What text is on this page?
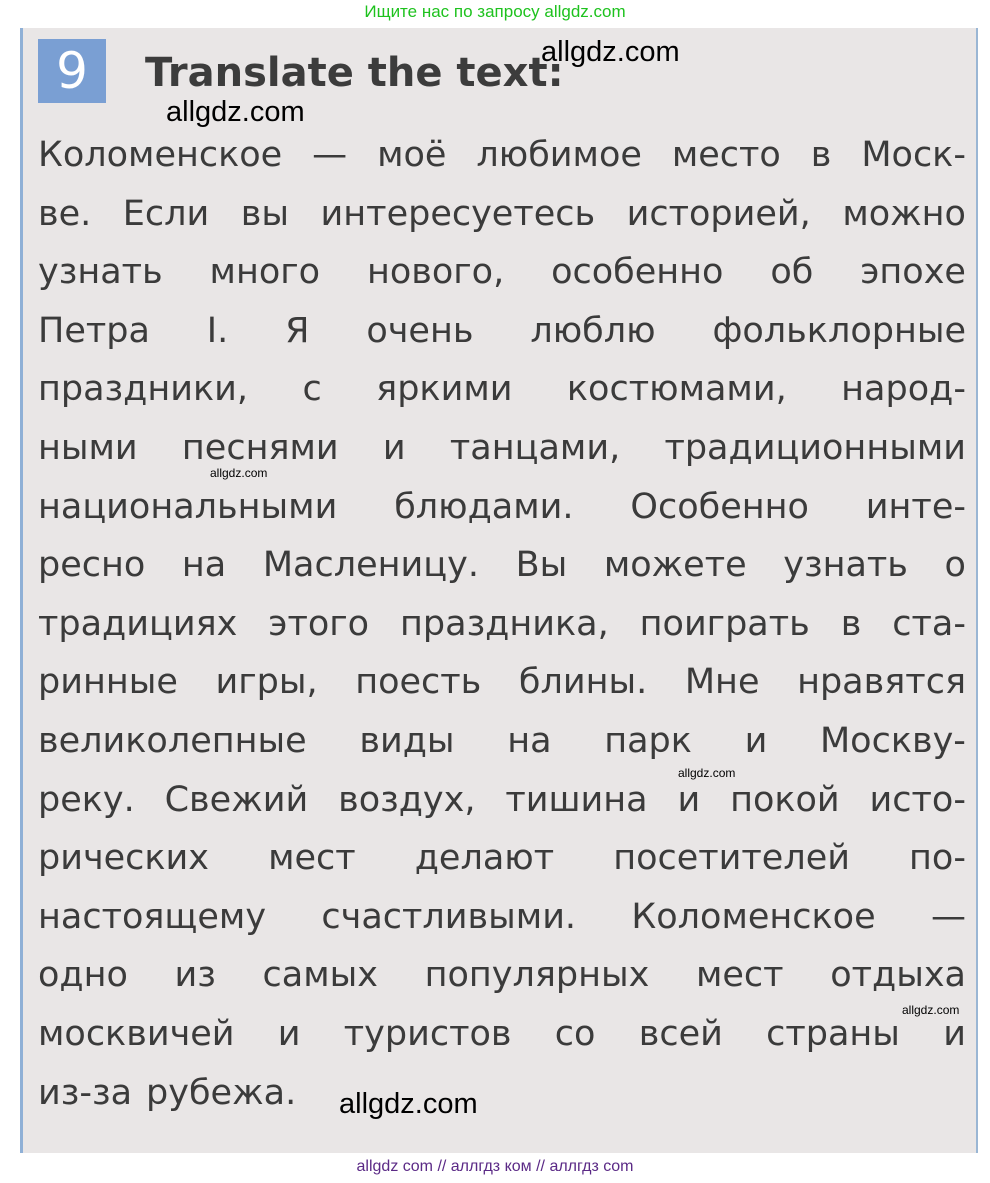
Ищите нас по запросу allgdz.com
9	Translate the text:
Коломенское — моё любимое место в Моск-
ве. Если вы интересуетесь историей, можно
узнать много нового, особенно об эпохе
Петра I. Я очень люблю фольклорные
праздники, с яркими костюмами, народ-
ными песнями и танцами, традиционными
национальными блюдами. Особенно инте-
ресно на Масленицу. Вы можете узнать о
традициях этого праздника, поиграть в ста-
ринные игры, поесть блины. Мне нравятся
великолепные виды на парк и Москву-
реку. Свежий воздух, тишина и покой исто-
рических мест делают посетителей по-
настоящему счастливыми. Коломенское —
одно из самых популярных мест отдыха
москвичей и туристов со всей страны и
из-за рубежа.
allgdz.com
allgdz.com
allgdz.com
allgdz.com
allgdz.com
allgdz.com
allgdz com // аллгдз ком // аллгдз com
